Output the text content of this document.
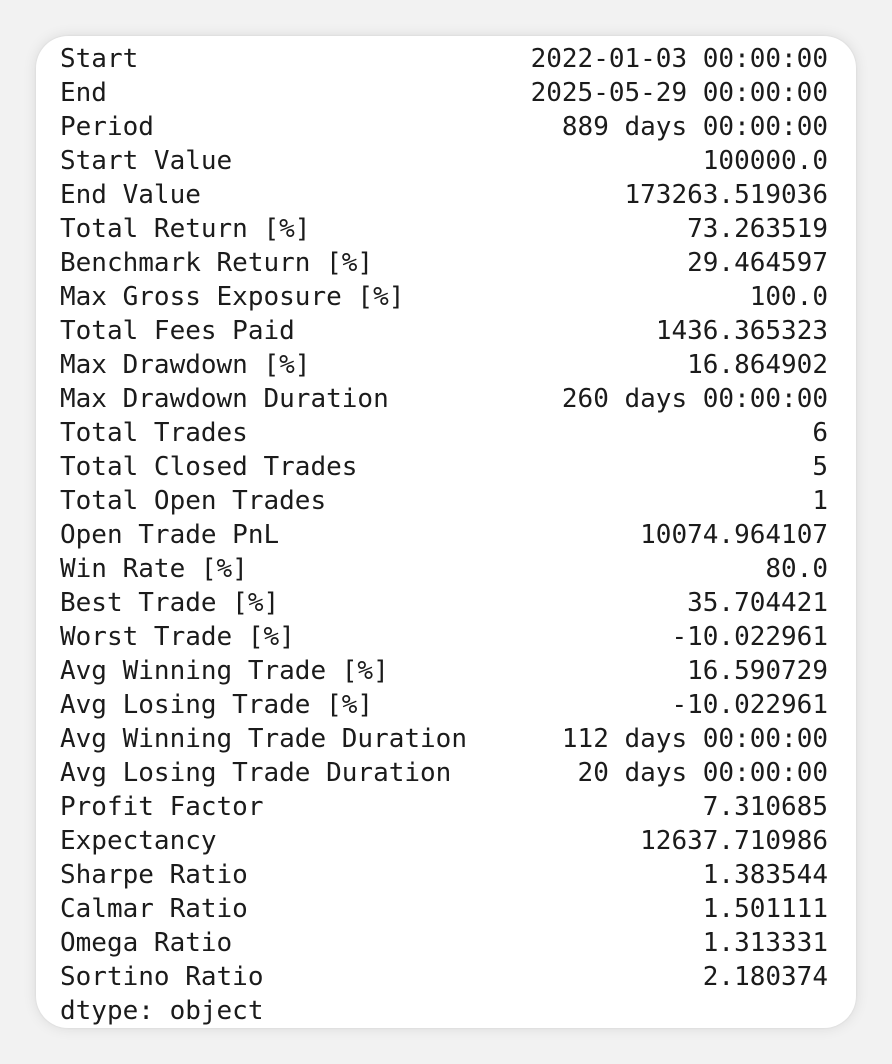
Start	2022-01-03 00:00:00
End	2025-05-29 00:00:00
Period	889 days 00:00:00
Start Value	100000.0
End Value	173263.519036
Total Return [%]	73.263519
Benchmark Return [%]	29.464597
Max Gross Exposure [%]	100.0
Total Fees Paid	1436.365323
Max Drawdown [%]	16.864902
Max Drawdown Duration	260 days 00:00:00
Total Trades	6
Total Closed Trades	5
Total Open Trades	1
Open Trade PnL	10074.964107
Win Rate [%]	80.0
Best Trade [%]	35.704421
Worst Trade [%]	-10.022961
Avg Winning Trade [%]	16.590729
Avg Losing Trade [%]	-10.022961
Avg Winning Trade Duration	112 days 00:00:00
Avg Losing Trade Duration	20 days 00:00:00
Profit Factor	7.310685
Expectancy	12637.710986
Sharpe Ratio	1.383544
Calmar Ratio	1.501111
Omega Ratio	1.313331
Sortino Ratio	2.180374
dtype: object
